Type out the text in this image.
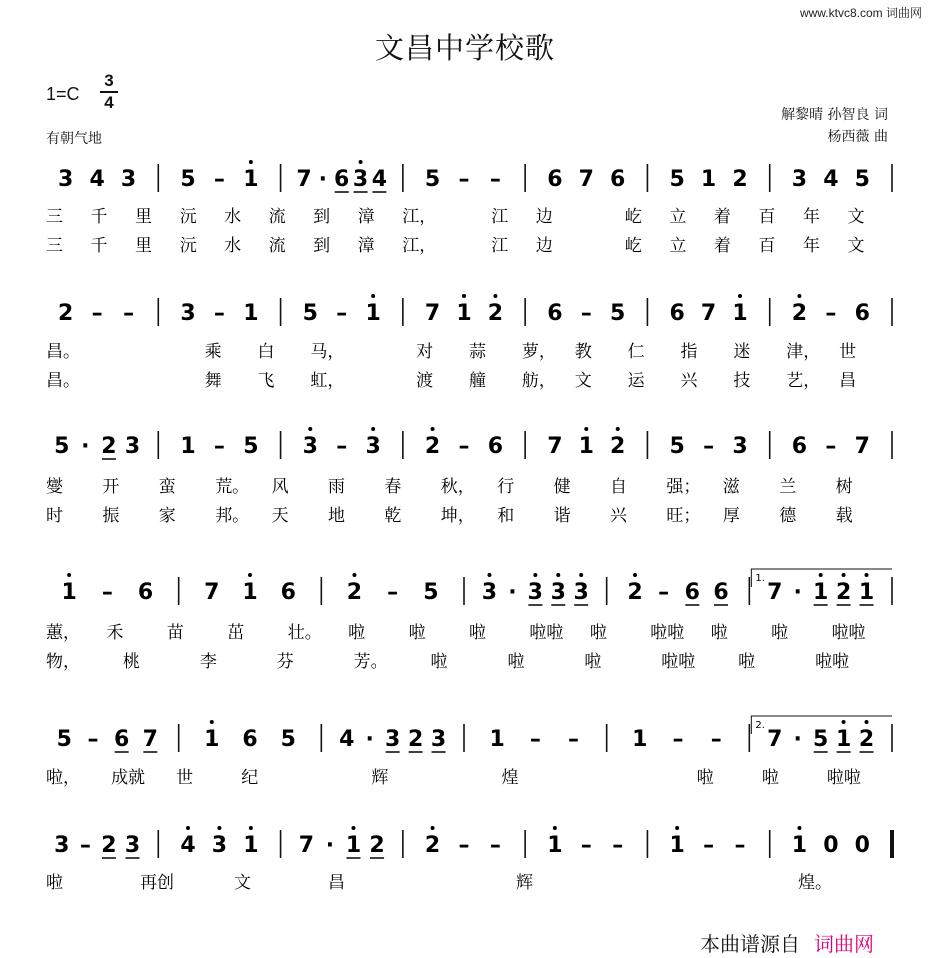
www.ktvc8.com 词曲网
文昌中学校歌
1=C
3
4
有朝气地
解黎晴 孙智良 词
杨西薇 曲
3 4 3 5 – 1 7 · 6 3 4 5 – – 6 7 6 5 1 2 3 4 5
三 千 里 沅 水 流 到 漳 江，	江 边	屹 立 着 百 年 文
三 千 里 沅 水 流 到 漳 江，	江 边	屹 立 着 百 年 文
2 – – 3 – 1 5 – 1 7 1 2 6 – 5 6 7 1 2 – 6
昌。	乘 白 马，	对 蒜 萝， 教 仁 指 迷 津， 世
昌。	舞 飞 虹，	渡 艟 舫， 文 运 兴 技 艺， 昌
5 · 2 3 1 – 5 3 – 3 2 – 6 7 1 2 5 – 3 6 – 7
燮 开 蛮 荒。 风 雨 春 秋， 行 健 自 强； 滋 兰 树
时 振 家 邦。 天 地 乾 坤， 和 谐 兴 旺； 厚 德 载
1.
1 – 6 7 1 6 2 – 5 3 · 3 3 3 2 – 6 6 7 · 1 2 1
蕙， 禾	苗	茁	壮。 啦	啦	啦	啦啦 啦	啦啦 啦	啦	啦啦
物，	桃	李	芬	芳。	啦	啦	啦	啦啦	啦	啦啦
2.
5 – 6 7 1 6 5 4 · 3 2 3 1 – – 1 – – 7 · 5 1 2
啦， 成就 世	纪	辉	煌	啦	啦	啦啦
3 – 2 3 4 3 1 7 · 1 2 2 – – 1 – – 1 – – 1 0 0
啦	再创	文	昌	辉	煌。
本曲谱源自 词曲网
